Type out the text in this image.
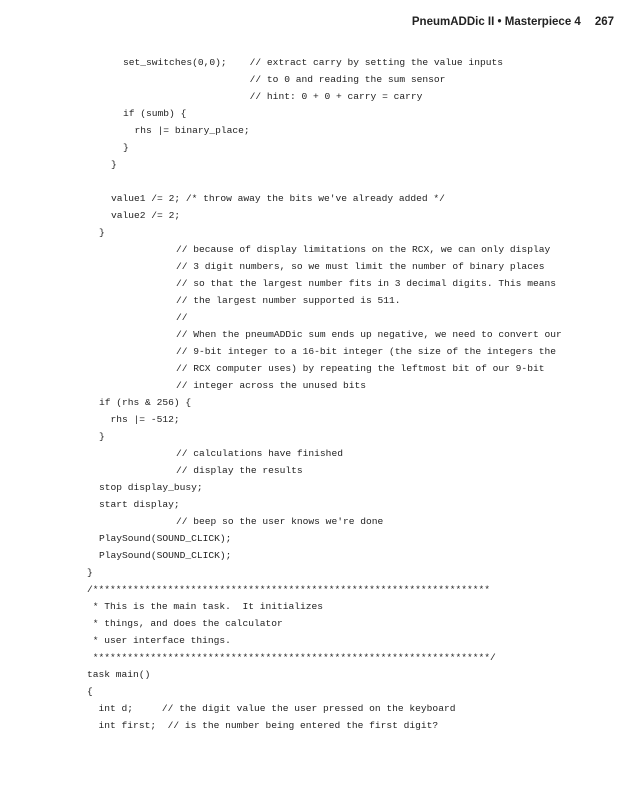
PneumADDic II • Masterpiece 4 267
set_switches(0,0);    // extract carry by setting the value inputs
// to 0 and reading the sum sensor
// hint: 0 + 0 + carry = carry
if (sumb) {
rhs |= binary_place;
}
}
value1 /= 2; /* throw away the bits we've already added */
value2 /= 2;
}
// because of display limitations on the RCX, we can only display
// 3 digit numbers, so we must limit the number of binary places
// so that the largest number fits in 3 decimal digits. This means
// the largest number supported is 511.
//
// When the pneumADDic sum ends up negative, we need to convert our
// 9-bit integer to a 16-bit integer (the size of the integers the
// RCX computer uses) by repeating the leftmost bit of our 9-bit
// integer across the unused bits
if (rhs & 256) {
rhs |= -512;
}
// calculations have finished
// display the results
stop display_busy;
start display;
// beep so the user knows we're done
PlaySound(SOUND_CLICK);
PlaySound(SOUND_CLICK);
}
/*********************************************************************
* This is the main task.  It initializes
* things, and does the calculator
* user interface things.
*********************************************************************/
task main()
{
int d;     // the digit value the user pressed on the keyboard
int first;  // is the number being entered the first digit?
